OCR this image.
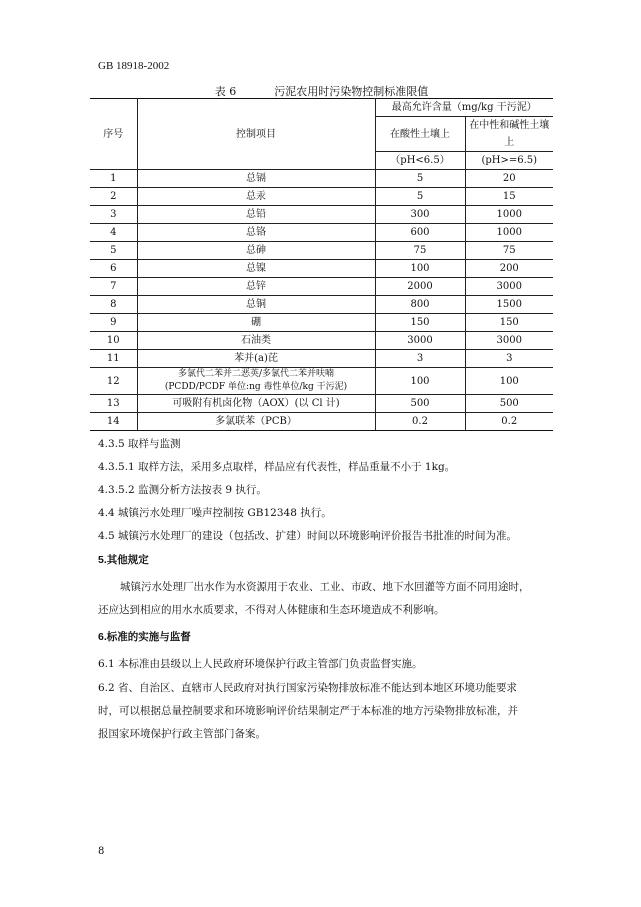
GB 18918-2002
表 6	污泥农用时污染物控制标准限值
序号	控制项目	最高允许含量（mg/kg 干污泥）	
		在酸性土壤上	在中性和碱性土壤上
		（pH<6.5）	(pH>=6.5)
1	总镉	5	20
2	总汞	5	15
3	总铅	300	1000
4	总铬	600	1000
5	总砷	75	75
6	总镍	100	200
7	总锌	2000	3000
8	总铜	800	1500
9	硼	150	150
10	石油类	3000	3000
11	苯并(a)芘	3	3
12	多氯代二苯并二恶英/多氯代二苯并呋喃
(PCDD/PCDF 单位:ng 毒性单位/kg 干污泥)	100	100
13	可吸附有机卤化物（AOX）(以 Cl 计)	500	500
14	多氯联苯（PCB）	0.2	0.2
4.3.5 取样与监测
4.3.5.1 取样方法，采用多点取样，样品应有代表性，样品重量不小于 1kg。
4.3.5.2 监测分析方法按表 9 执行。
4.4 城镇污水处理厂噪声控制按 GB12348 执行。
4.5 城镇污水处理厂的建设（包括改、扩建）时间以环境影响评价报告书批准的时间为准。
5.其他规定
城镇污水处理厂出水作为水资源用于农业、工业、市政、地下水回灌等方面不同用途时，
还应达到相应的用水水质要求，不得对人体健康和生态环境造成不利影响。
6.标准的实施与监督
6.1 本标准由县级以上人民政府环境保护行政主管部门负责监督实施。
6.2 省、自治区、直辖市人民政府对执行国家污染物排放标准不能达到本地区环境功能要求
时，可以根据总量控制要求和环境影响评价结果制定严于本标准的地方污染物排放标准，并
报国家环境保护行政主管部门备案。
8
